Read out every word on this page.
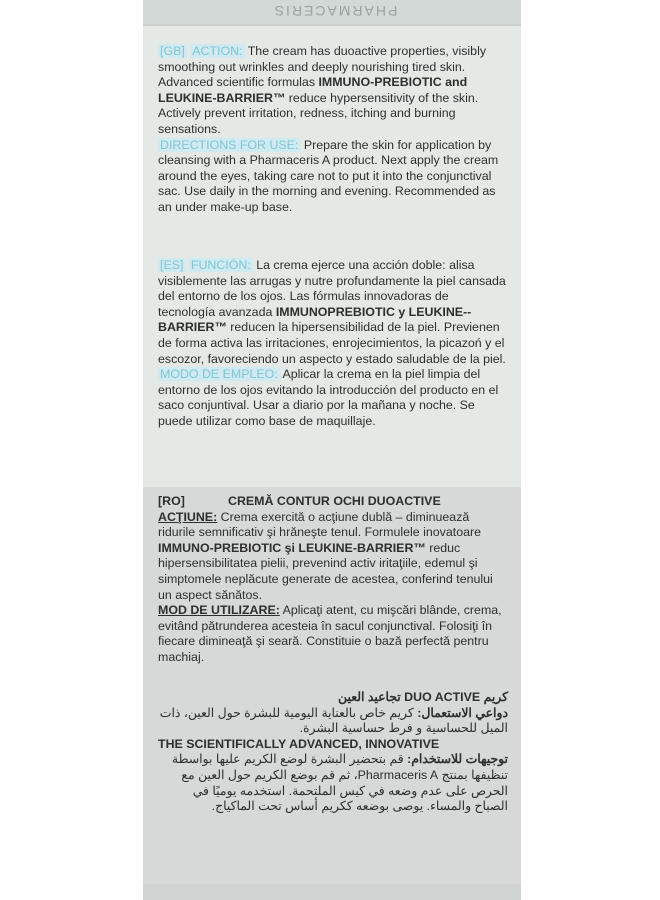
PHARMACERIS
[GB] ACTION: The cream has duoactive properties, visibly smoothing out wrinkles and deeply nourishing tired skin. Advanced scientific formulas IMMUNO-PREBIOTIC and LEUKINE-BARRIER™ reduce hypersensitivity of the skin. Actively prevent irritation, redness, itching and burning sensations.
DIRECTIONS FOR USE: Prepare the skin for application by cleansing with a Pharmaceris A product. Next apply the cream around the eyes, taking care not to put it into the conjunctival sac. Use daily in the morning and evening. Recommended as an under make-up base.
[ES] FUNCIÓN: La crema ejerce una acción doble: alisa visiblemente las arrugas y nutre profundamente la piel cansada del entorno de los ojos. Las fórmulas innovadoras de tecnología avanzada IMMUNOPREBIOTIC y LEUKINE--BARRIER™ reducen la hipersensibilidad de la piel. Previenen de forma activa las irritaciones, enrojecimientos, la picazoń y el escozor, favoreciendo un aspecto y estado saludable de la piel.
MODO DE EMPLEO: Aplicar la crema en la piel limpia del entorno de los ojos evitando la introducción del producto en el saco conjuntival. Usar a diario por la mañana y noche. Se puede utilizar como base de maquillaje.
[RO]	CREMĂ CONTUR OCHI DUOACTIVE
ACŢIUNE: Crema exercită o acţiune dublă – diminuează ridurile semnificativ şi hrăneşte tenul. Formulele inovatoare IMMUNO-PREBIOTIC şi LEUKINE-BARRIER™ reduc hipersensibilitatea pielii, prevenind activ iritaţiile, edemul şi simptomele neplăcute generate de acestea, conferind tenului un aspect sănătos.
MOD DE UTILIZARE: Aplicaţi atent, cu mişcări blânde, crema, evitând pătrunderea acesteia în sacul conjunctival. Folosiţi în fiecare dimineaţă şi seară. Constituie o bază perfectă pentru machiaj.
كريم DUO ACTIVE تجاعيد العين
دواعي الاستعمال: كريم خاص بالعناية اليومية للبشرة حول العين، ذات الميل للحساسية و فرط حساسية البشرة.
THE SCIENTIFICALLY ADVANCED, INNOVATIVE
توجيهات للاستخدام: قم بتحضير البشرة لوضع الكريم عليها بواسطة تنظيفها بمنتج Pharmaceris A، ثم قم بوضع الكريم حول العين مع الحرص على عدم وضعه في كيس الملتحمة. استخدمه يوميًا في الصباح والمساء. يوصى بوضعه ككريم أساس تحت الماكياج.
